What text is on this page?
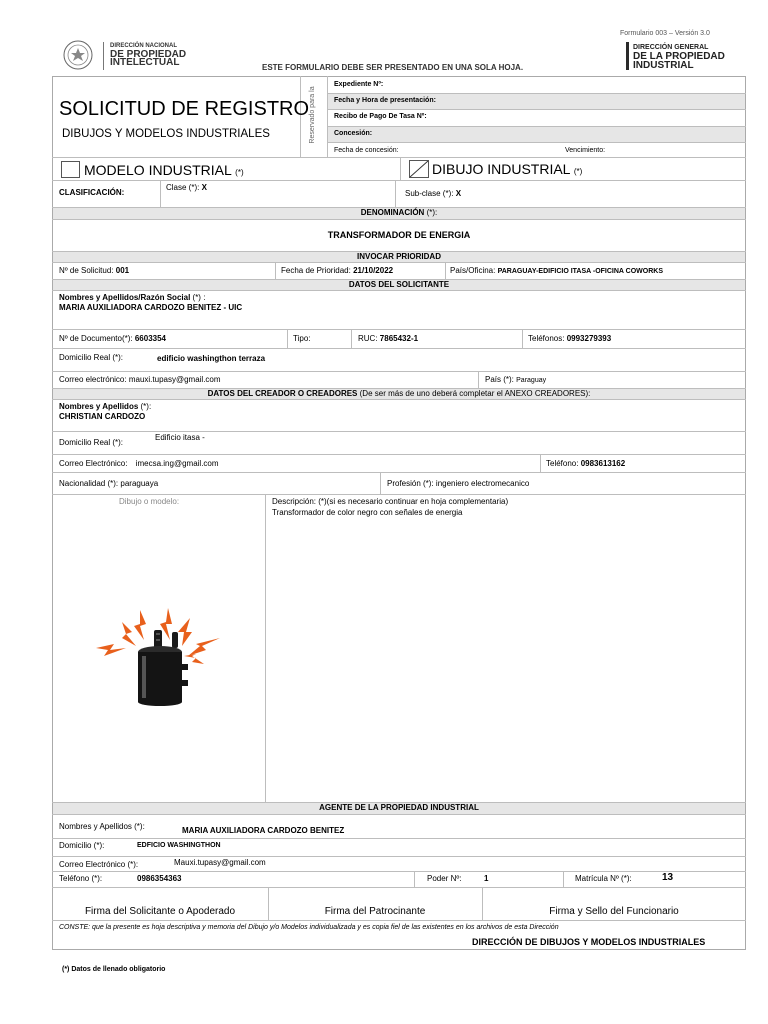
Formulario 003 – Versión 3.0
DIRECCIÓN NACIONAL
DE PROPIEDAD
INTELECTUAL
DIRECCIÓN GENERAL
DE LA PROPIEDAD
INDUSTRIAL
ESTE FORMULARIO DEBE SER PRESENTADO EN UNA SOLA HOJA.
SOLICITUD DE REGISTRO
DIBUJOS Y MODELOS INDUSTRIALES	Reservado para la
Expediente Nº:
Fecha y Hora de presentación:
Recibo de Pago De Tasa Nº:
Concesión:
Fecha de concesión:	Vencimiento:
MODELO INDUSTRIAL (*)	DIBUJO INDUSTRIAL (*)
CLASIFICACIÓN:
Clase (*): X
Sub-clase (*): X
DENOMINACIÓN (*):
TRANSFORMADOR DE ENERGIA
INVOCAR PRIORIDAD
Nº de Solicitud: 001	Fecha de Prioridad: 21/10/2022	País/Oficina: PARAGUAY-EDIFICIO ITASA -OFICINA COWORKS
DATOS DEL SOLICITANTE
Nombres y Apellidos/Razón Social (*) :
MARIA AUXILIADORA CARDOZO BENITEZ - UIC
Nº de Documento(*): 6603354	Tipo:	RUC: 7865432-1	Teléfonos: 0993279393
Domicilio Real (*):	edificio washingthon terraza
Correo electrónico: mauxi.tupasy@gmail.com	País (*): Paraguay
DATOS DEL CREADOR O CREADORES (De ser más de uno deberá completar el ANEXO CREADORES):
Nombres y Apellidos (*):
CHRISTIAN CARDOZO
Domicilio Real (*):
Edificio itasa -
Correo Electrónico: imecsa.ing@gmail.com	Teléfono: 0983613162
Nacionalidad (*): paraguaya	Profesión (*): ingeniero electromecanico
Dibujo o modelo:	Descripción: (*)(si es necesario continuar en hoja complementaria)
Transformador de color negro con señales de energia
AGENTE DE LA PROPIEDAD INDUSTRIAL
Nombres y Apellidos (*):	MARIA AUXILIADORA CARDOZO BENITEZ
Domicilio (*):	EDFICIO WASHINGTHON
Correo Electrónico (*):	Mauxi.tupasy@gmail.com
Teléfono (*):	0986354363	Poder Nº:	1	Matrícula Nº (*):	13
Firma del Solicitante o Apoderado	Firma del Patrocinante	Firma y Sello del Funcionario
CONSTE: que la presente es hoja descriptiva y memoria del Dibujo y/o Modelos individualizada y es copia fiel de las existentes en los archivos de esta Dirección
DIRECCIÓN DE DIBUJOS Y MODELOS INDUSTRIALES
(*) Datos de llenado obligatorio
